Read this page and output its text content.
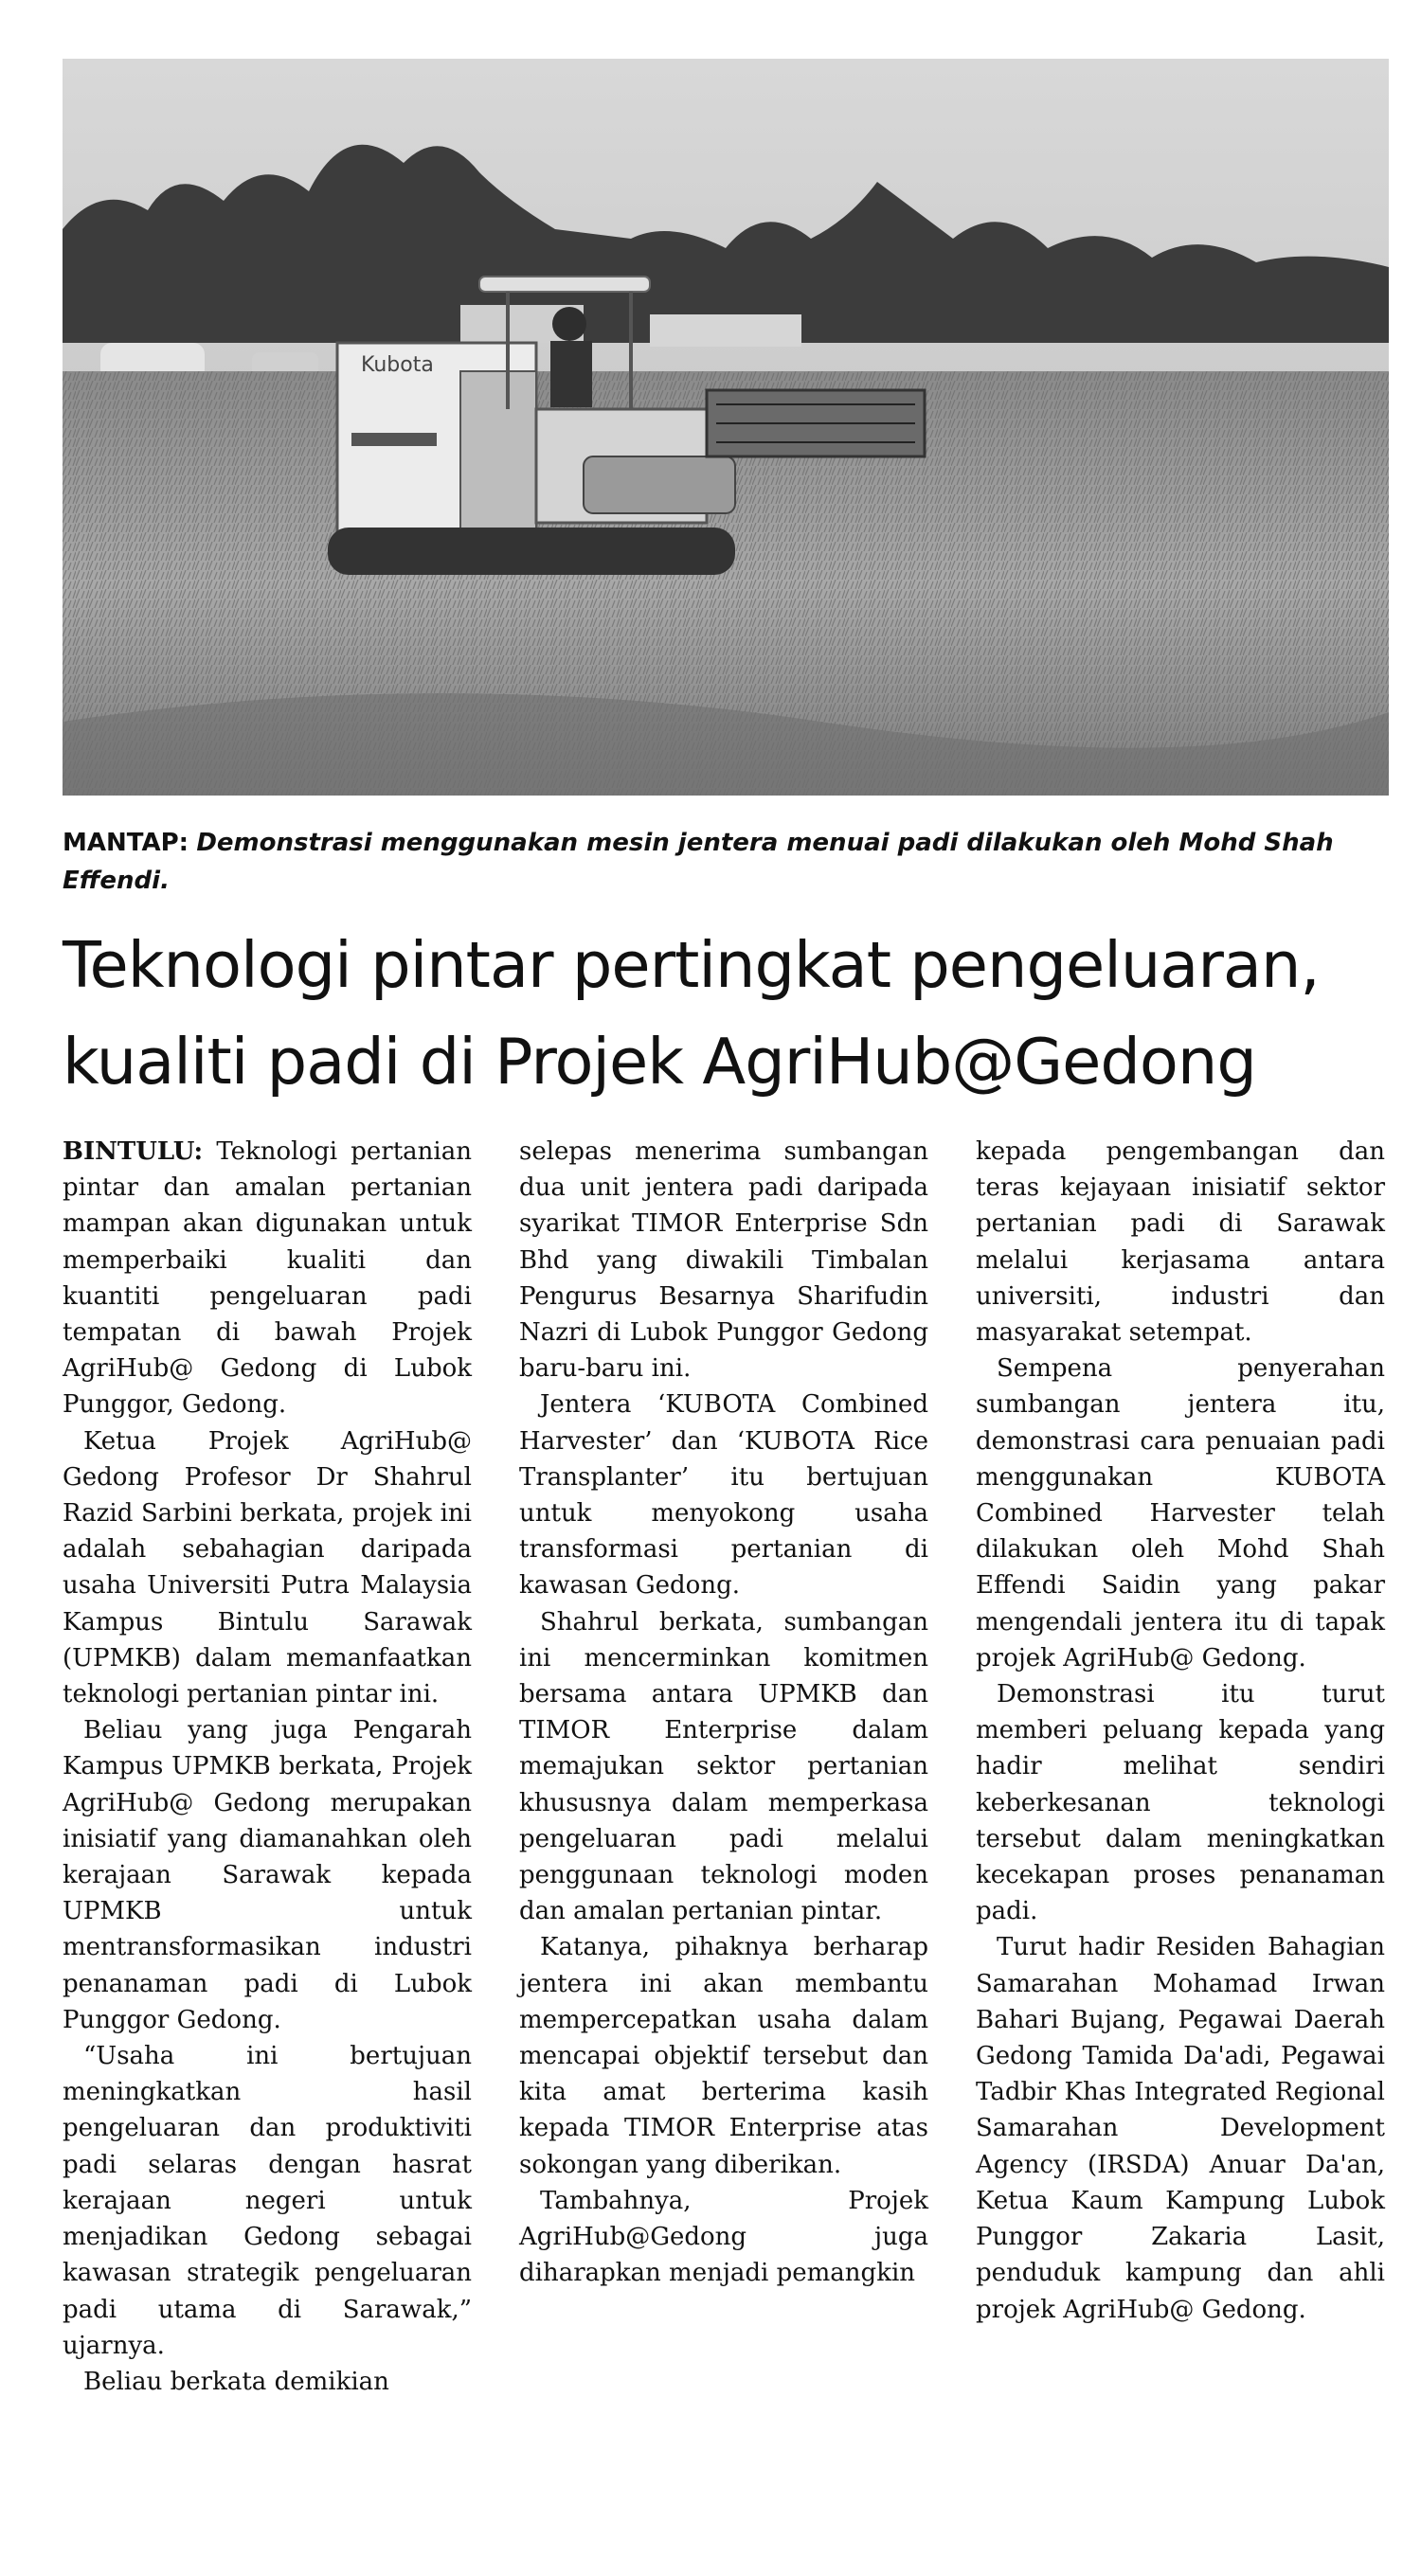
Kubota
MANTAP: Demonstrasi menggunakan mesin jentera menuai padi dilakukan oleh Mohd Shah Effendi.
Teknologi pintar pertingkat pengeluaran,
kualiti padi di Projek AgriHub@Gedong

BINTULU: Teknologi pertanian pintar dan amalan pertanian mampan akan digunakan untuk memperbaiki kualiti dan kuantiti pengeluaran padi tempatan di bawah Projek AgriHub@ Gedong di Lubok Punggor, Gedong.

Ketua Projek AgriHub@ Gedong Profesor Dr Shahrul Razid Sarbini berkata, projek ini adalah sebahagian daripada usaha Universiti Putra Malaysia Kampus Bintulu Sarawak (UPMKB) dalam memanfaatkan teknologi pertanian pintar ini.

Beliau yang juga Pengarah Kampus UPMKB berkata, Projek AgriHub@ Gedong merupakan inisiatif yang diamanahkan oleh kerajaan Sarawak kepada UPMKB untuk mentransformasikan industri penanaman padi di Lubok Punggor Gedong.

“Usaha ini bertujuan meningkatkan hasil pengeluaran dan produktiviti padi selaras dengan hasrat kerajaan negeri untuk menjadikan Gedong sebagai kawasan strategik pengeluaran padi utama di Sarawak,” ujarnya.

Beliau berkata demikian

selepas menerima sumbangan dua unit jentera padi daripada syarikat TIMOR Enterprise Sdn Bhd yang diwakili Timbalan Pengurus Besarnya Sharifudin Nazri di Lubok Punggor Gedong baru-baru ini.

Jentera ‘KUBOTA Combined Harvester’ dan ‘KUBOTA Rice Transplanter’ itu bertujuan untuk menyokong usaha transformasi pertanian di kawasan Gedong.

Shahrul berkata, sumbangan ini mencerminkan komitmen bersama antara UPMKB dan TIMOR Enterprise dalam memajukan sektor pertanian khususnya dalam memperkasa pengeluaran padi melalui penggunaan teknologi moden dan amalan pertanian pintar.

Katanya, pihaknya berharap jentera ini akan membantu mempercepatkan usaha dalam mencapai objektif tersebut dan kita amat berterima kasih kepada TIMOR Enterprise atas sokongan yang diberikan.

Tambahnya, Projek AgriHub@Gedong juga diharapkan menjadi pemangkin

kepada pengembangan dan teras kejayaan inisiatif sektor pertanian padi di Sarawak melalui kerjasama antara universiti, industri dan masyarakat setempat.

Sempena penyerahan sumbangan jentera itu, demonstrasi cara penuaian padi menggunakan KUBOTA Combined Harvester telah dilakukan oleh Mohd Shah Effendi Saidin yang pakar mengendali jentera itu di tapak projek AgriHub@ Gedong.

Demonstrasi itu turut memberi peluang kepada yang hadir melihat sendiri keberkesanan teknologi tersebut dalam meningkatkan kecekapan proses penanaman padi.

Turut hadir Residen Bahagian Samarahan Mohamad Irwan Bahari Bujang, Pegawai Daerah Gedong Tamida Da'adi, Pegawai Tadbir Khas Integrated Regional Samarahan Development Agency (IRSDA) Anuar Da'an, Ketua Kaum Kampung Lubok Punggor Zakaria Lasit, penduduk kampung dan ahli projek AgriHub@ Gedong.
